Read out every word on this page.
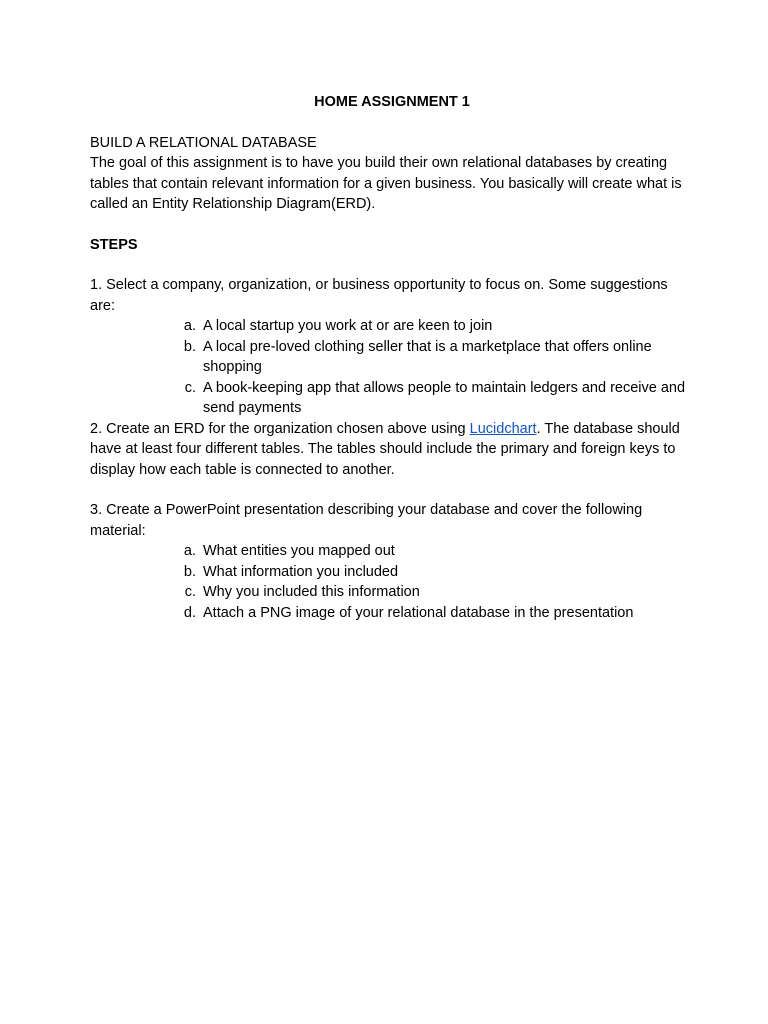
HOME ASSIGNMENT 1

BUILD A RELATIONAL DATABASE

The goal of this assignment is to have you build their own relational databases by creating tables that contain relevant information for a given business. You basically will create what is called an Entity Relationship Diagram(ERD).

STEPS

1. Select a company, organization, or business opportunity to focus on. Some suggestions are:

a. A local startup you work at or are keen to join
b. A local pre-loved clothing seller that is a marketplace that offers online shopping
c. A book-keeping app that allows people to maintain ledgers and receive and send payments

2. Create an ERD for the organization chosen above using Lucidchart. The database should have at least four different tables. The tables should include the primary and foreign keys to display how each table is connected to another.

3. Create a PowerPoint presentation describing your database and cover the following material:

a. What entities you mapped out
b. What information you included
c. Why you included this information
d. Attach a PNG image of your relational database in the presentation
